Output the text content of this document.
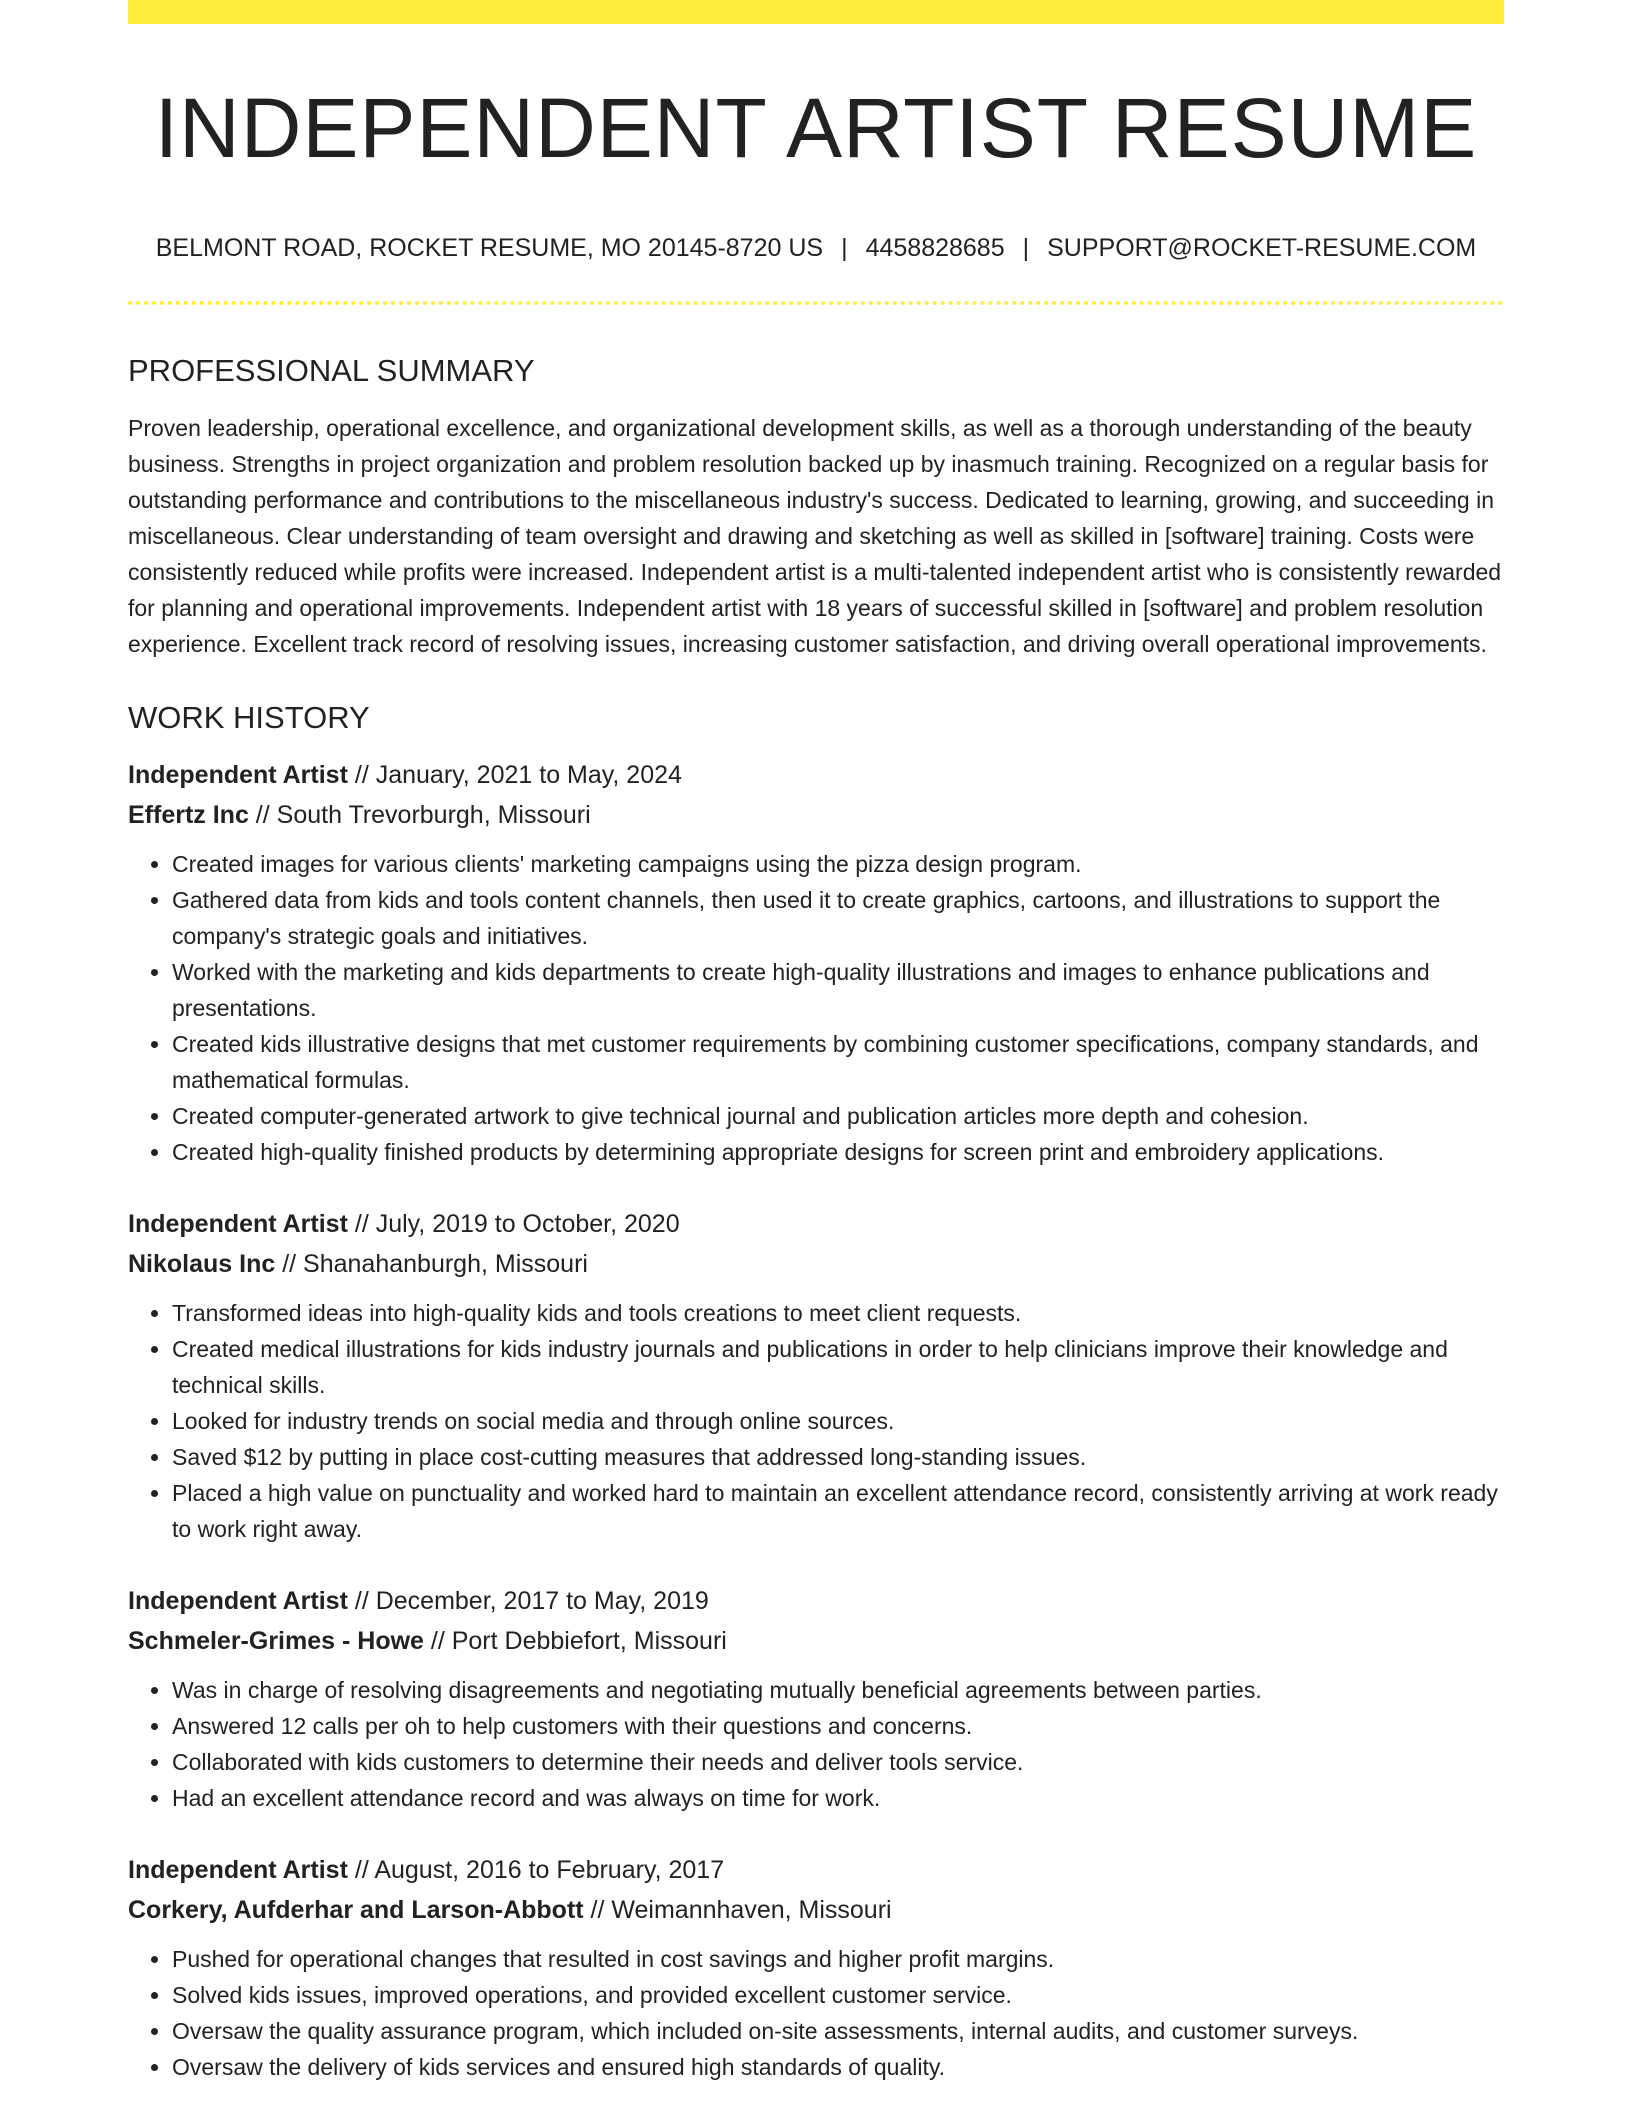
INDEPENDENT ARTIST RESUME
BELMONT ROAD, ROCKET RESUME, MO 20145-8720 US | 4458828685 | SUPPORT@ROCKET-RESUME.COM
PROFESSIONAL SUMMARY
Proven leadership, operational excellence, and organizational development skills, as well as a thorough understanding of the beauty business. Strengths in project organization and problem resolution backed up by inasmuch training. Recognized on a regular basis for outstanding performance and contributions to the miscellaneous industry's success. Dedicated to learning, growing, and succeeding in miscellaneous. Clear understanding of team oversight and drawing and sketching as well as skilled in [software] training. Costs were consistently reduced while profits were increased. Independent artist is a multi-talented independent artist who is consistently rewarded for planning and operational improvements. Independent artist with 18 years of successful skilled in [software] and problem resolution experience. Excellent track record of resolving issues, increasing customer satisfaction, and driving overall operational improvements.
WORK HISTORY
Independent Artist // January, 2021 to May, 2024
Effertz Inc // South Trevorburgh, Missouri
• Created images for various clients' marketing campaigns using the pizza design program.
• Gathered data from kids and tools content channels, then used it to create graphics, cartoons, and illustrations to support the company's strategic goals and initiatives.
• Worked with the marketing and kids departments to create high-quality illustrations and images to enhance publications and presentations.
• Created kids illustrative designs that met customer requirements by combining customer specifications, company standards, and mathematical formulas.
• Created computer-generated artwork to give technical journal and publication articles more depth and cohesion.
• Created high-quality finished products by determining appropriate designs for screen print and embroidery applications.
Independent Artist // July, 2019 to October, 2020
Nikolaus Inc // Shanahanburgh, Missouri
• Transformed ideas into high-quality kids and tools creations to meet client requests.
• Created medical illustrations for kids industry journals and publications in order to help clinicians improve their knowledge and technical skills.
• Looked for industry trends on social media and through online sources.
• Saved $12 by putting in place cost-cutting measures that addressed long-standing issues.
• Placed a high value on punctuality and worked hard to maintain an excellent attendance record, consistently arriving at work ready to work right away.
Independent Artist // December, 2017 to May, 2019
Schmeler-Grimes - Howe // Port Debbiefort, Missouri
• Was in charge of resolving disagreements and negotiating mutually beneficial agreements between parties.
• Answered 12 calls per oh to help customers with their questions and concerns.
• Collaborated with kids customers to determine their needs and deliver tools service.
• Had an excellent attendance record and was always on time for work.
Independent Artist // August, 2016 to February, 2017
Corkery, Aufderhar and Larson-Abbott // Weimannhaven, Missouri
• Pushed for operational changes that resulted in cost savings and higher profit margins.
• Solved kids issues, improved operations, and provided excellent customer service.
• Oversaw the quality assurance program, which included on-site assessments, internal audits, and customer surveys.
• Oversaw the delivery of kids services and ensured high standards of quality.
